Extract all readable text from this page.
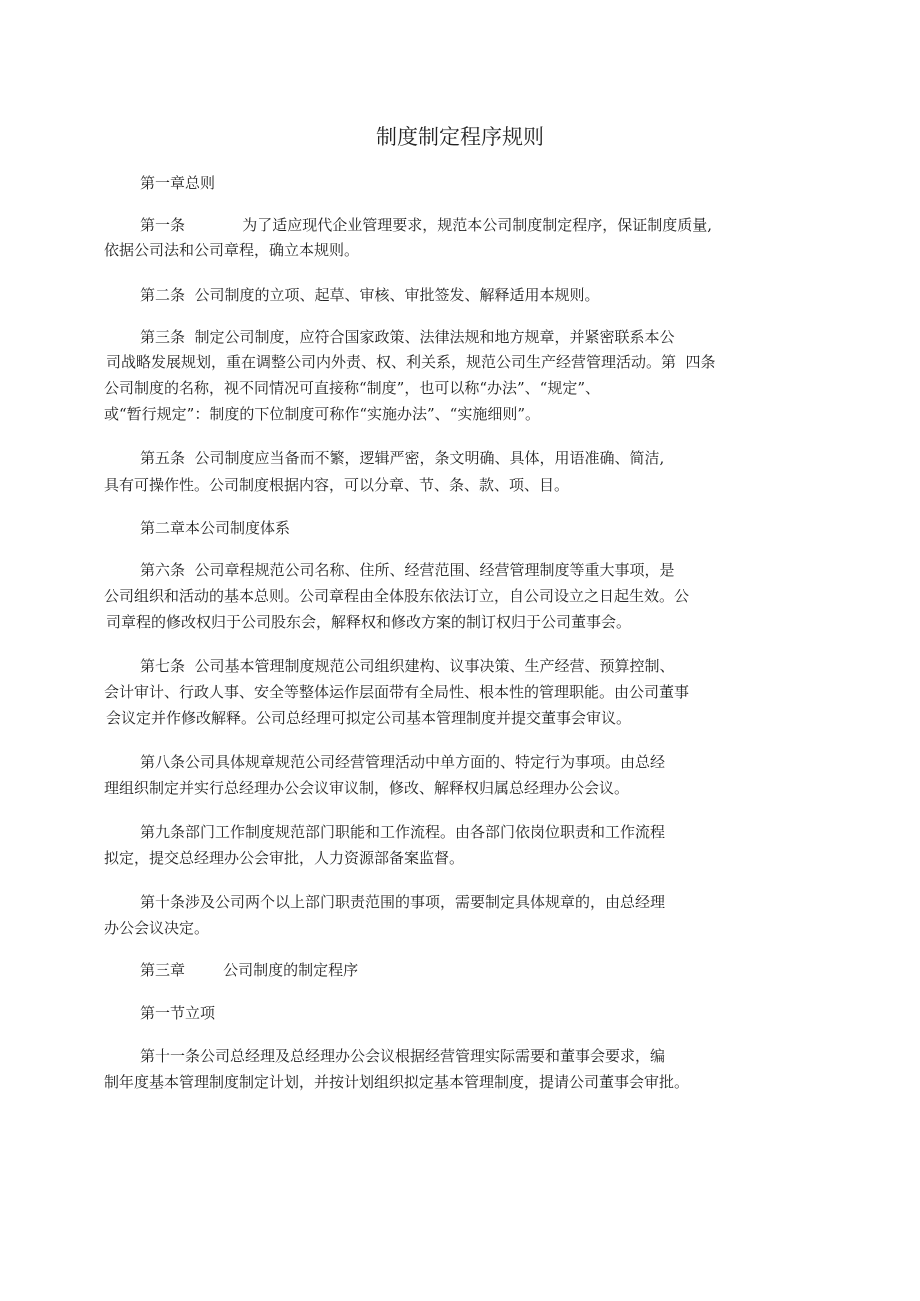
制度制定程序规则
第一章总则
第一条            为了适应现代企业管理要求，规范本公司制度制定程序，保证制度质量,
依据公司法和公司章程，确立本规则。
第二条  公司制度的立项、起草、审核、审批签发、解释适用本规则。
第三条  制定公司制度，应符合国家政策、法律法规和地方规章，并紧密联系本公
司战略发展规划，重在调整公司内外责、权、利关系，规范公司生产经营管理活动。第  四条
公司制度的名称，视不同情况可直接称“制度”，也可以称“办法”、“规定”、
或“暂行规定”：制度的下位制度可称作“实施办法”、“实施细则”。
第五条  公司制度应当备而不繁，逻辑严密，条文明确、具体，用语准确、简洁,
具有可操作性。公司制度根据内容，可以分章、节、条、款、项、目。
第二章本公司制度体系
第六条  公司章程规范公司名称、住所、经营范围、经营管理制度等重大事项，是
公司组织和活动的基本总则。公司章程由全体股东依法订立，自公司设立之日起生效。公
司章程的修改权归于公司股东会，解释权和修改方案的制订权归于公司董事会。
第七条  公司基本管理制度规范公司组织建构、议事决策、生产经营、预算控制、
会计审计、行政人事、安全等整体运作层面带有全局性、根本性的管理职能。由公司董事
会议定并作修改解释。公司总经理可拟定公司基本管理制度并提交董事会审议。
第八条公司具体规章规范公司经营管理活动中单方面的、特定行为事项。由总经
理组织制定并实行总经理办公会议审议制，修改、解释权归属总经理办公会议。
第九条部门工作制度规范部门职能和工作流程。由各部门依岗位职责和工作流程
拟定，提交总经理办公会审批，人力资源部备案监督。
第十条涉及公司两个以上部门职责范围的事项，需要制定具体规章的，由总经理
办公会议决定。
第三章        公司制度的制定程序
第一节立项
第十一条公司总经理及总经理办公会议根据经营管理实际需要和董事会要求，编
制年度基本管理制度制定计划，并按计划组织拟定基本管理制度，提请公司董事会审批。
